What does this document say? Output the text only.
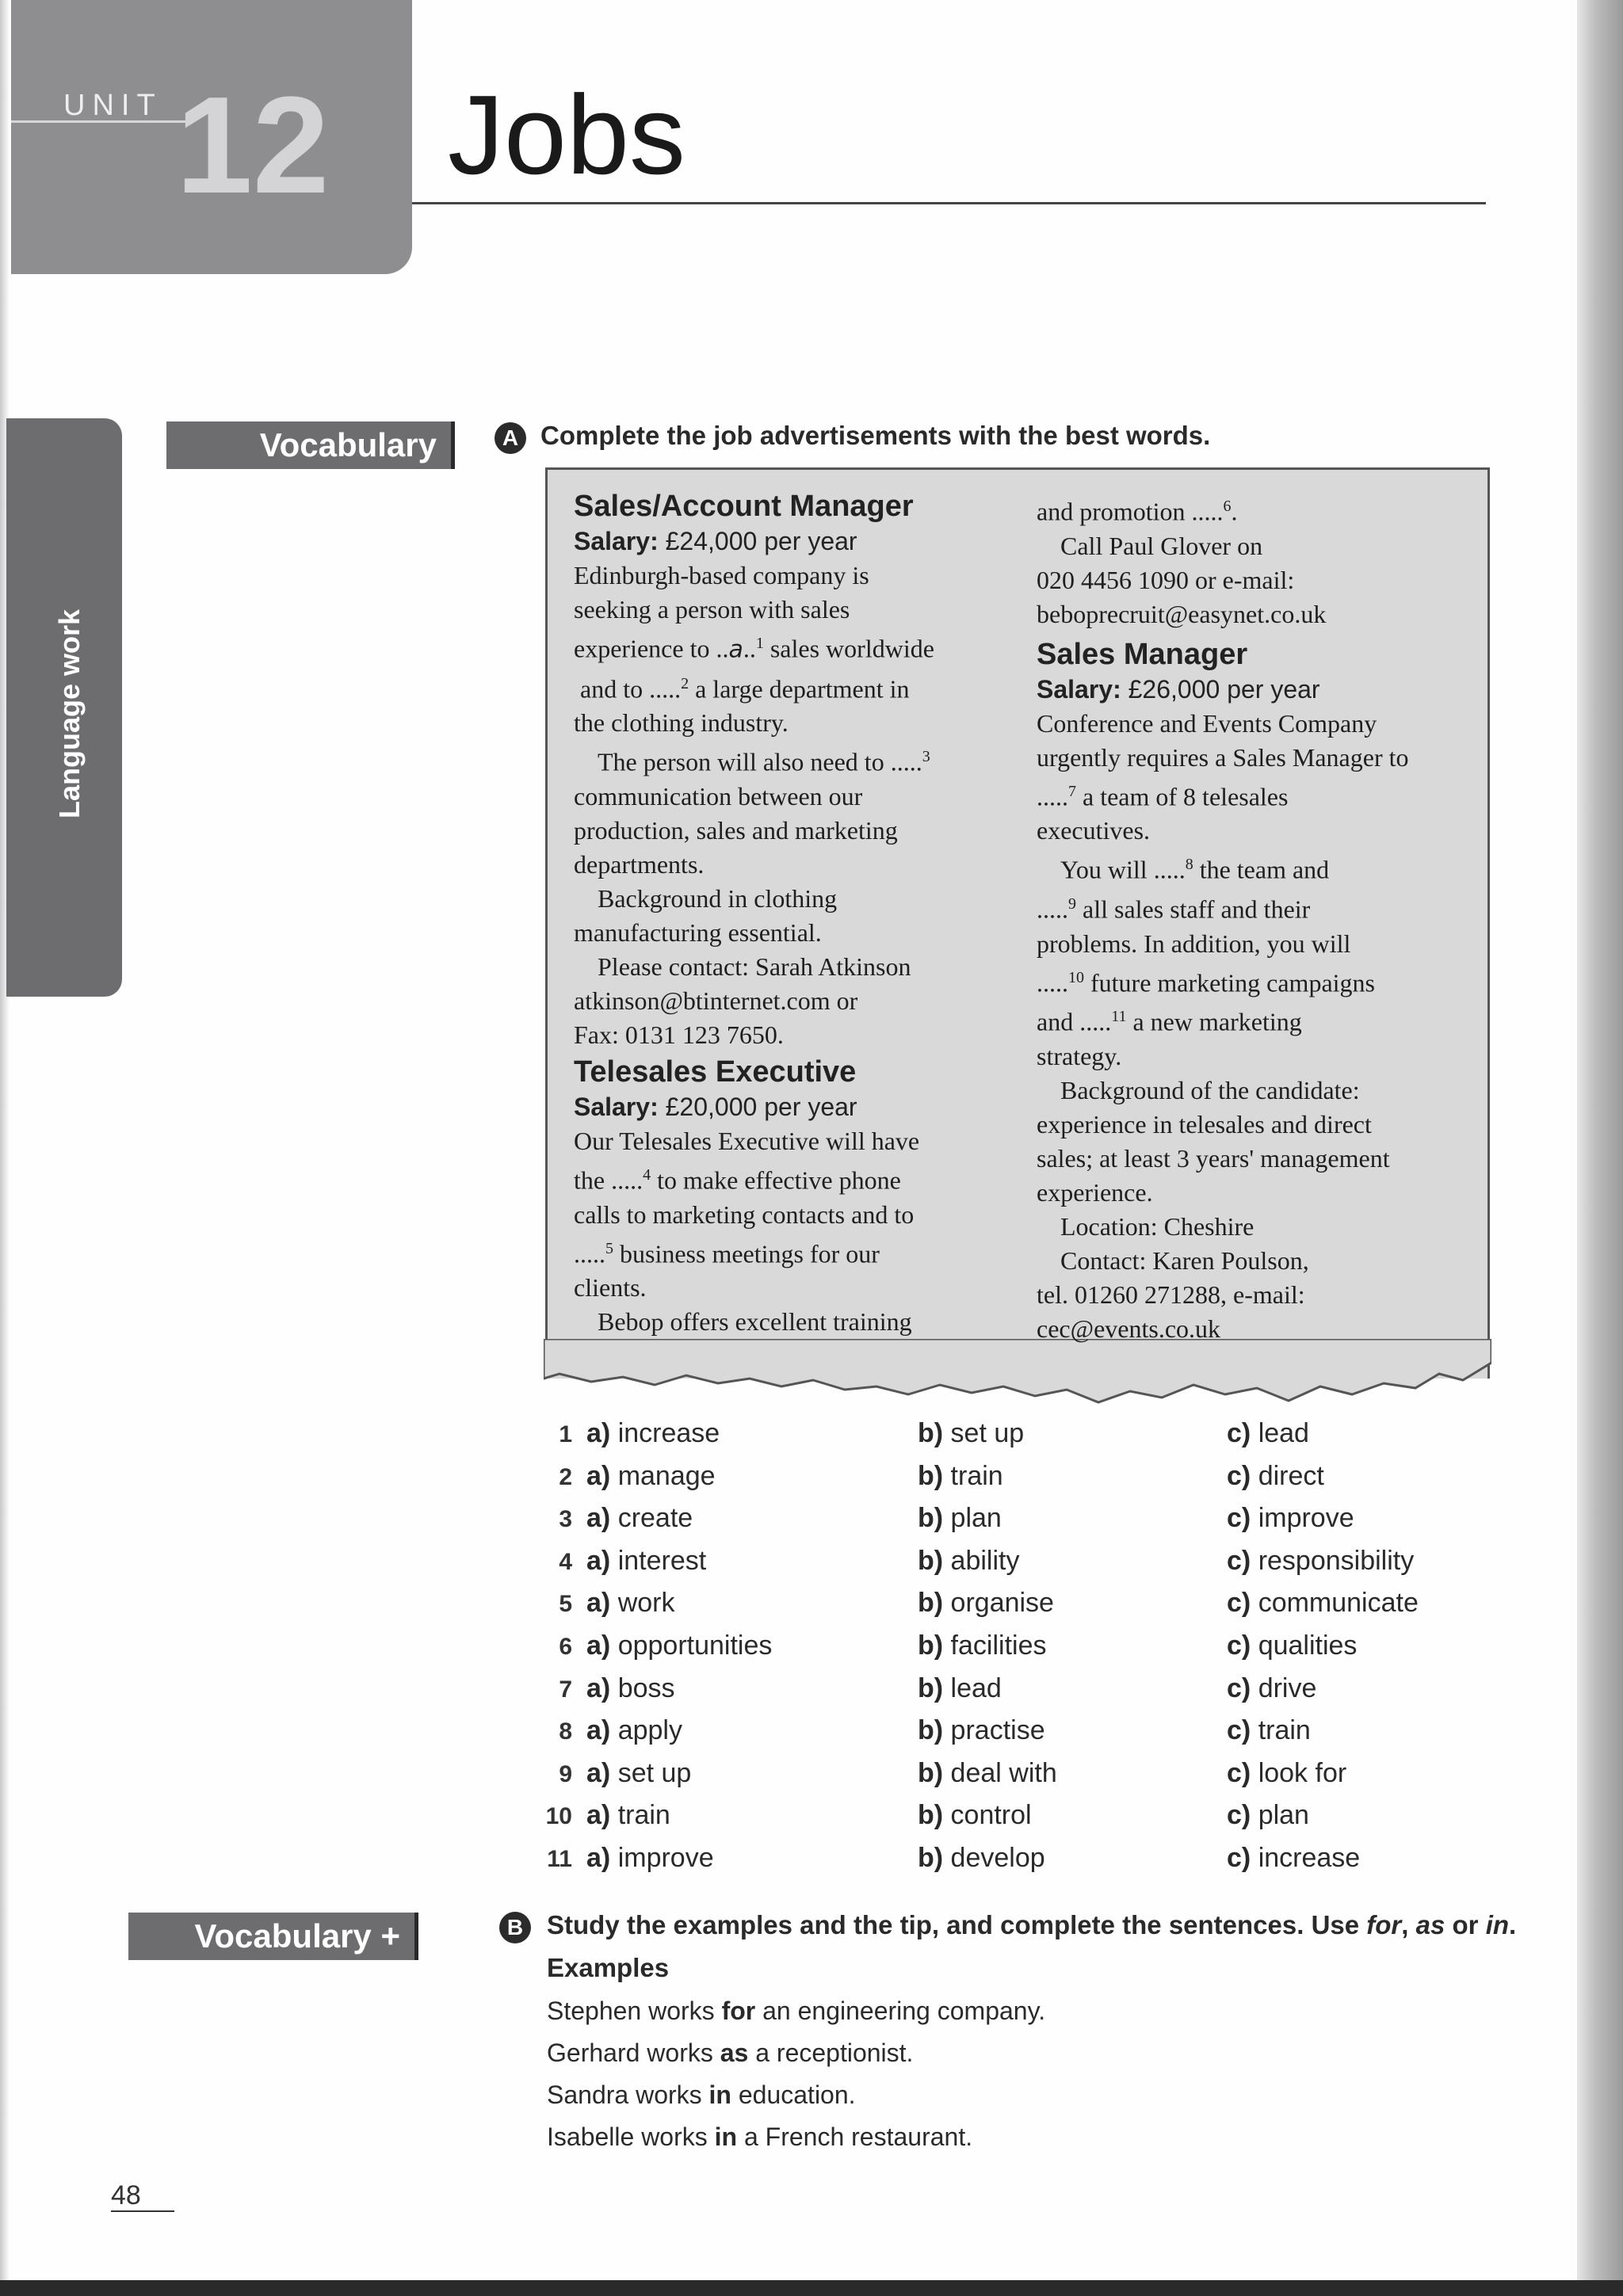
UNIT 12 Jobs
Language work
Vocabulary	A Complete the job advertisements with the best words.
Sales/Account Manager
Salary: £24,000 per year

Edinburgh-based company is

seeking a person with sales

experience to ..a..$^1$ sales worldwide

and to .....$^2$ a large department in

the clothing industry.

The person will also need to .....$^3$

communication between our

production, sales and marketing

departments.

Background in clothing

manufacturing essential.

Please contact: Sarah Atkinson

atkinson@btinternet.com or

Fax: 0131 123 7650.

Telesales Executive
Salary: £20,000 per year

Our Telesales Executive will have

the .....$^4$ to make effective phone

calls to marketing contacts and to

.....$^5$ business meetings for our

clients.

Bebop offers excellent training

and promotion .....$^6$.

Call Paul Glover on

020 4456 1090 or e-mail:

beboprecruit@easynet.co.uk

Sales Manager
Salary: £26,000 per year

Conference and Events Company

urgently requires a Sales Manager to

.....$^7$ a team of 8 telesales

executives.

You will .....$^8$ the team and

.....$^9$ all sales staff and their

problems. In addition, you will

.....$^{10}$ future marketing campaigns

and .....$^{11}$ a new marketing

strategy.

Background of the candidate:

experience in telesales and direct

sales; at least 3 years' management

experience.

Location: Cheshire

Contact: Karen Poulson,

tel. 01260 271288, e-mail:

cec@events.co.uk

1 a) increase	b) set up	c) lead
2 a) manage	b) train	c) direct
3 a) create	b) plan	c) improve
4 a) interest	b) ability	c) responsibility
5 a) work	b) organise	c) communicate
6 a) opportunities	b) facilities	c) qualities
7 a) boss	b) lead	c) drive
8 a) apply	b) practise	c) train
9 a) set up	b) deal with	c) look for
10 a) train	b) control	c) plan
11 a) improve	b) develop	c) increase
Vocabulary +	B Study the examples and the tip, and complete the sentences. Use for, as or in.
Examples
Stephen works for an engineering company.
Gerhard works as a receptionist.
Sandra works in education.
Isabelle works in a French restaurant.
48
